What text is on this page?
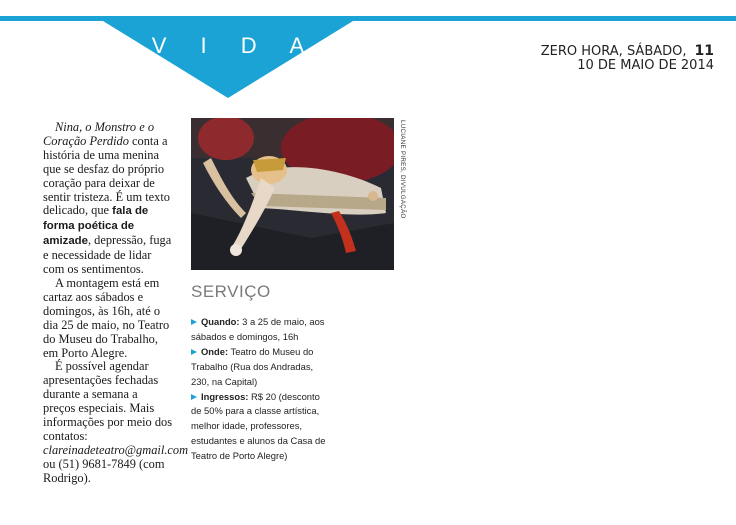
V I D A	ZERO HORA, SÁBADO, 11
10 DE MAIO DE 2014

Nina, o Monstro e o Coração Perdido conta a história de uma menina que se desfaz do próprio coração para deixar de sentir tristeza. É um texto delicado, que fala de forma poética de amizade, depressão, fuga e necessidade de lidar com os sentimentos.

A montagem está em cartaz aos sábados e domingos, às 16h, até o dia 25 de maio, no Teatro do Museu do Trabalho, em Porto Alegre.

É possível agendar apresentações fechadas durante a semana a preços especiais. Mais informações por meio dos contatos: clareinadeteatro@gmail.com ou (51) 9681-7849 (com Rodrigo).

LUCIANE PIRES, DIVULGAÇÃO
SERVIÇO

Quando: 3 a 25 de maio, aos sábados e domingos, 16h

Onde: Teatro do Museu do Trabalho (Rua dos Andradas, 230, na Capital)

Ingressos: R$ 20 (desconto de 50% para a classe artística, melhor idade, professores, estudantes e alunos da Casa de Teatro de Porto Alegre)
